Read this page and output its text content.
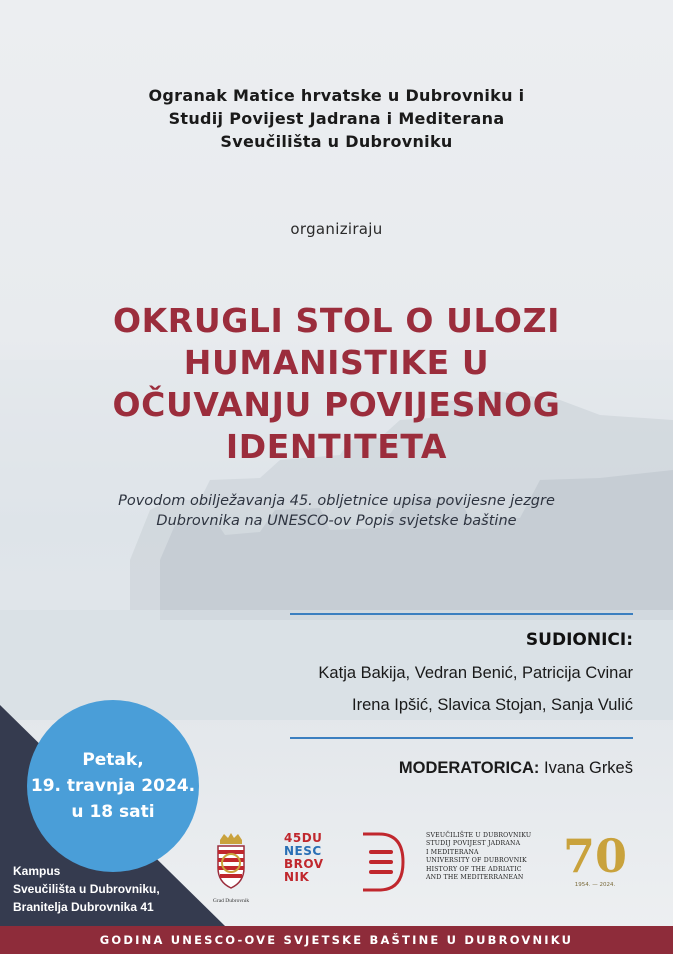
Ogranak Matice hrvatske u Dubrovniku i
Studij Povijest Jadrana i Mediterana
Sveučilišta u Dubrovniku
organiziraju
OKRUGLI STOL O ULOZI
HUMANISTIKE U
OČUVANJU POVIJESNOG
IDENTITETA
Povodom obilježavanja 45. obljetnice upisa povijesne jezgre
Dubrovnika na UNESCO-ov Popis svjetske baštine
SUDIONICI:
Katja Bakija, Vedran Benić, Patricija Cvinar
Irena Ipšić, Slavica Stojan, Sanja Vulić
MODERATORICA: Ivana Grkeš
Petak,
19. travnja 2024.
u 18 sati
Kampus
Sveučilišta u Dubrovniku,
Branitelja Dubrovnika 41	Grad Dubrovnik
45DU
NESC
BROV
NIK
SVEUČILIŠTE U DUBROVNIKU
STUDIJ POVIJEST JADRANA
I MEDITERANA
UNIVERSITY OF DUBROVNIK
HISTORY OF THE ADRIATIC
AND THE MEDITERRANEAN 70
1954. — 2024.
GODINA UNESCO-OVE SVJETSKE BAŠTINE U DUBROVNIKU
